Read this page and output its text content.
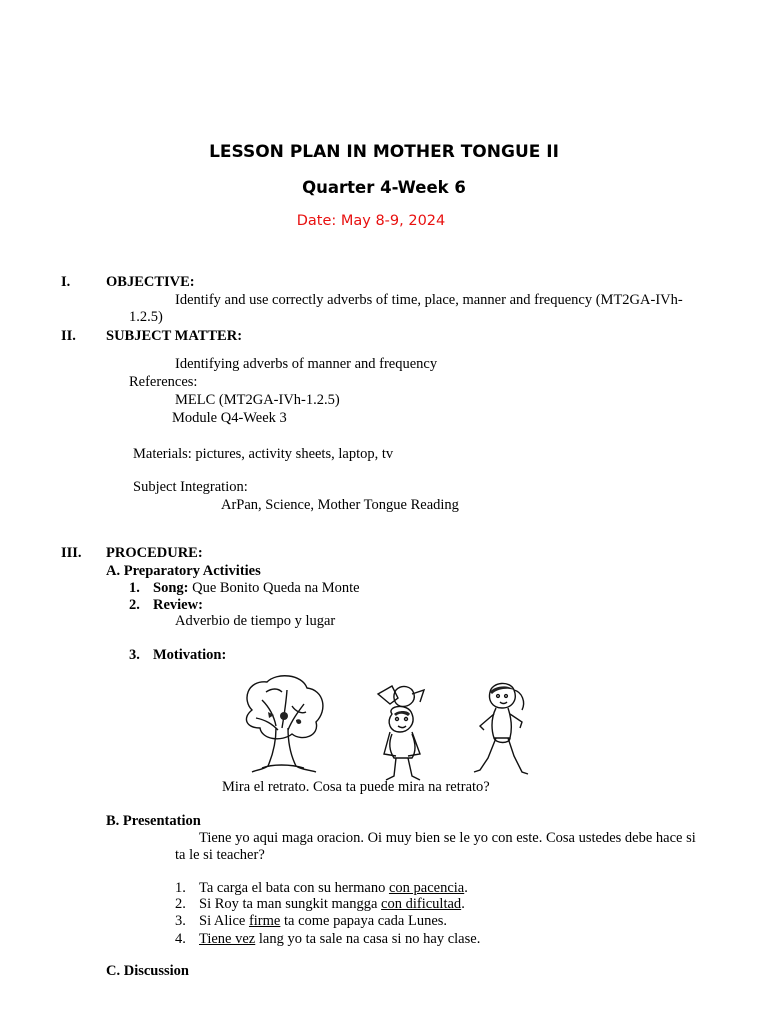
LESSON PLAN IN MOTHER TONGUE II
Quarter 4-Week 6
Date: May 8-9, 2024
I. OBJECTIVE:
Identify and use correctly adverbs of time, place, manner and frequency (MT2GA-IVh-
1.2.5)
II. SUBJECT MATTER:
Identifying adverbs of manner and frequency
References:
MELC (MT2GA-IVh-1.2.5)
Module Q4-Week 3
Materials: pictures, activity sheets, laptop, tv
Subject Integration:
ArPan, Science, Mother Tongue Reading
III. PROCEDURE:
A. Preparatory Activities
1. Song: Que Bonito Queda na Monte
2. Review:
Adverbio de tiempo y lugar
3. Motivation:
Mira el retrato. Cosa ta puede mira na retrato?
B. Presentation
Tiene yo aqui maga oracion. Oi muy bien se le yo con este. Cosa ustedes debe hace si
ta le si teacher?
1. Ta carga el bata con su hermano con pacencia.
2. Si Roy ta man sungkit mangga con dificultad.
3. Si Alice firme ta come papaya cada Lunes.
4. Tiene vez lang yo ta sale na casa si no hay clase.
C. Discussion
